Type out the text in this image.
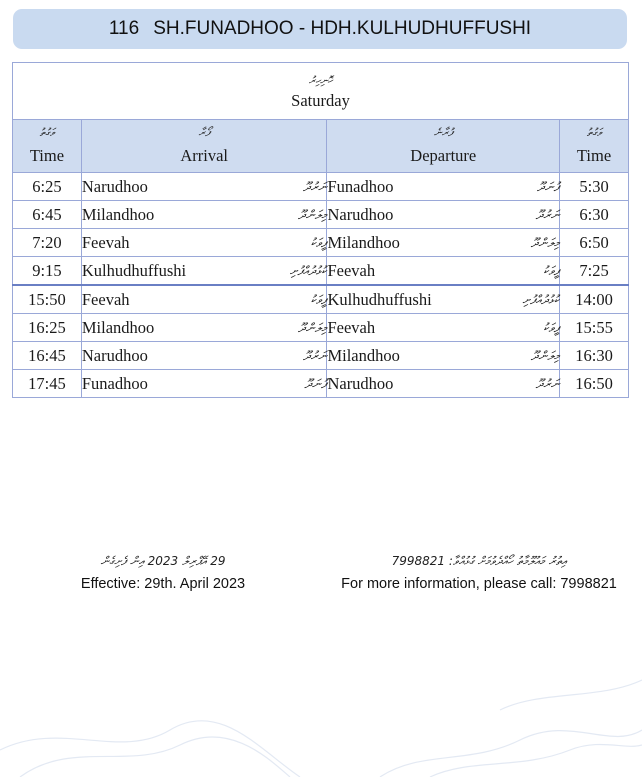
116 SH.FUNADHOO - HDH.KULHUDHUFFUSHI
ހޮނިހިރު
Saturday			

ވަގުތު
Time	ފޯރާ
Arrival	ފުރާނެ
Departure	ވަގުތު
Time

6:25	Narudhoo ނަރުދޫ	Funadhoo ފުނަދޫ	5:30
6:45	Milandhoo މިލަންދޫ	Narudhoo ނަރުދޫ	6:30
7:20	Feevah ފީވަކު	Milandhoo މިލަންދޫ	6:50
9:15	Kulhudhuffushi ކުޅުދުއްފުށި	Feevah ފީވަކު	7:25
15:50	Feevah ފީވަކު	Kulhudhuffushi ކުޅުދުއްފުށި	14:00
16:25	Milandhoo މިލަންދޫ	Feevah ފީވަކު	15:55
16:45	Narudhoo ނަރުދޫ	Milandhoo މިލަންދޫ	16:30
17:45	Funadhoo ފުނަދޫ	Narudhoo ނަރުދޫ	16:50
29 އޭޕްރިލް 2023 އިން ފެށިގެން
Effective: 29th. April 2023
އިތުރު މައުލޫމާތު ހޯއްދެވުމަށް ގުޅުއްވާ: 7998821
For more information, please call: 7998821
